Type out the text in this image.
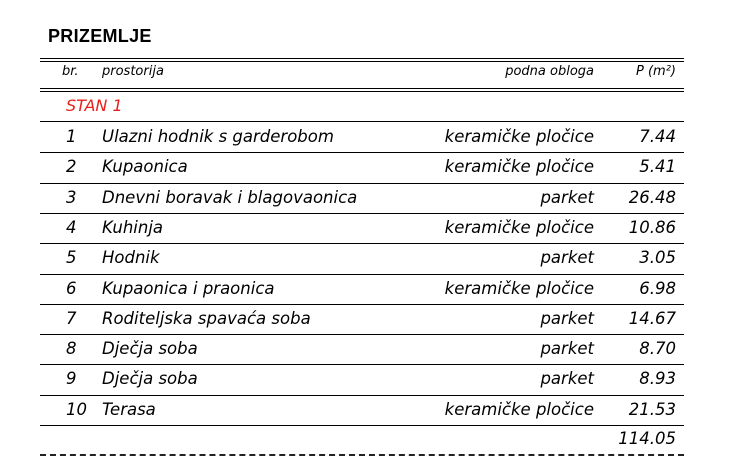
PRIZEMLJE
br. prostorija	podna obloga	P (m²)
STAN 1
1 Ulazni hodnik s garderobom	keramičke pločice	7.44
2 Kupaonica	keramičke pločice	5.41
3 Dnevni boravak i blagovaonica	parket 26.48
4 Kuhinja	keramičke pločice 10.86
5 Hodnik	parket	3.05
6 Kupaonica i praonica	keramičke pločice	6.98
7 Roditeljska spavaća soba	parket 14.67
8 Dječja soba	parket	8.70
9 Dječja soba	parket	8.93
10 Terasa	keramičke pločice 21.53
114.05
